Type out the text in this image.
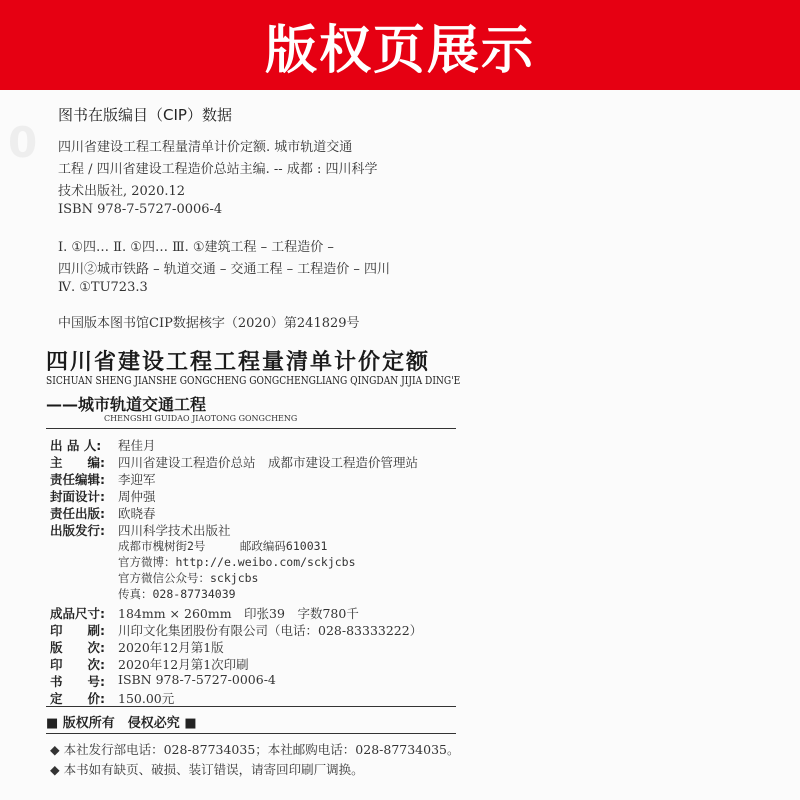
版权页展示
0
图书在版编目（CIP）数据
四川省建设工程工程量清单计价定额. 城市轨道交通
工程 / 四川省建设工程造价总站主编. -- 成都 : 四川科学
技术出版社, 2020.12
ISBN 978-7-5727-0006-4
Ⅰ. ①四… Ⅱ. ①四… Ⅲ. ①建筑工程 – 工程造价 –
四川②城市铁路 – 轨道交通 – 交通工程 – 工程造价 – 四川
Ⅳ. ①TU723.3
中国版本图书馆CIP数据核字（2020）第241829号
四川省建设工程工程量清单计价定额
SICHUAN SHENG JIANSHE GONGCHENG GONGCHENGLIANG QINGDAN JIJIA DING'E
——城市轨道交通工程
CHENGSHI GUIDAO JIAOTONG GONGCHENG
出 品 人:	程佳月
主　　编:	四川省建设工程造价总站　成都市建设工程造价管理站
责任编辑:	李迎军
封面设计:	周仲强
责任出版:	欧晓春
出版发行:	四川科学技术出版社
成都市槐树街2号　　　邮政编码610031
官方微博：http://e.weibo.com/sckjcbs
官方微信公众号：sckjcbs
传真：028-87734039
成品尺寸:	184mm × 260mm　印张39　字数780千
印　　刷:	川印文化集团股份有限公司（电话：028-83333222）
版　　次:	2020年12月第1版
印　　次:	2020年12月第1次印刷
书　　号:	ISBN 978-7-5727-0006-4
■ 版权所有　侵权必究 ■
◆ 本社发行部电话：028-87734035；本社邮购电话：028-87734035。
◆ 本书如有缺页、破损、装订错误，请寄回印刷厂调换。
定　　价:	150.00元
